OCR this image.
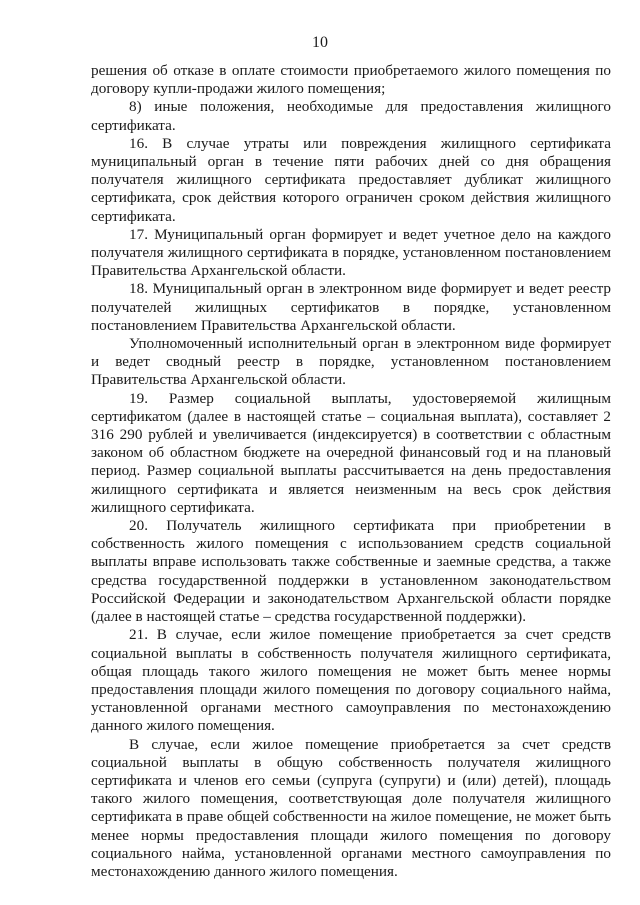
10

решения об отказе в оплате стоимости приобретаемого жилого помещения по договору купли-продажи жилого помещения;

8) иные положения, необходимые для предоставления жилищного сертификата.

16. В случае утраты или повреждения жилищного сертификата муниципальный орган в течение пяти рабочих дней со дня обращения получателя жилищного сертификата предоставляет дубликат жилищного сертификата, срок действия которого ограничен сроком действия жилищного сертификата.

17. Муниципальный орган формирует и ведет учетное дело на каждого получателя жилищного сертификата в порядке, установленном постановлением Правительства Архангельской области.

18. Муниципальный орган в электронном виде формирует и ведет реестр получателей жилищных сертификатов в порядке, установленном постановлением Правительства Архангельской области.

Уполномоченный исполнительный орган в электронном виде формирует и ведет сводный реестр в порядке, установленном постановлением Правительства Архангельской области.

19. Размер социальной выплаты, удостоверяемой жилищным сертификатом (далее в настоящей статье – социальная выплата), составляет 2 316 290 рублей и увеличивается (индексируется) в соответствии с областным законом об областном бюджете на очередной финансовый год и на плановый период. Размер социальной выплаты рассчитывается на день предоставления жилищного сертификата и является неизменным на весь срок действия жилищного сертификата.

20. Получатель жилищного сертификата при приобретении в собственность жилого помещения с использованием средств социальной выплаты вправе использовать также собственные и заемные средства, а также средства государственной поддержки в установленном законодательством Российской Федерации и законодательством Архангельской области порядке (далее в настоящей статье – средства государственной поддержки).

21. В случае, если жилое помещение приобретается за счет средств социальной выплаты в собственность получателя жилищного сертификата, общая площадь такого жилого помещения не может быть менее нормы предоставления площади жилого помещения по договору социального найма, установленной органами местного самоуправления по местонахождению данного жилого помещения.

В случае, если жилое помещение приобретается за счет средств социальной выплаты в общую собственность получателя жилищного сертификата и членов его семьи (супруга (супруги) и (или) детей), площадь такого жилого помещения, соответствующая доле получателя жилищного сертификата в праве общей собственности на жилое помещение, не может быть менее нормы предоставления площади жилого помещения по договору социального найма, установленной органами местного самоуправления по местонахождению данного жилого помещения.
